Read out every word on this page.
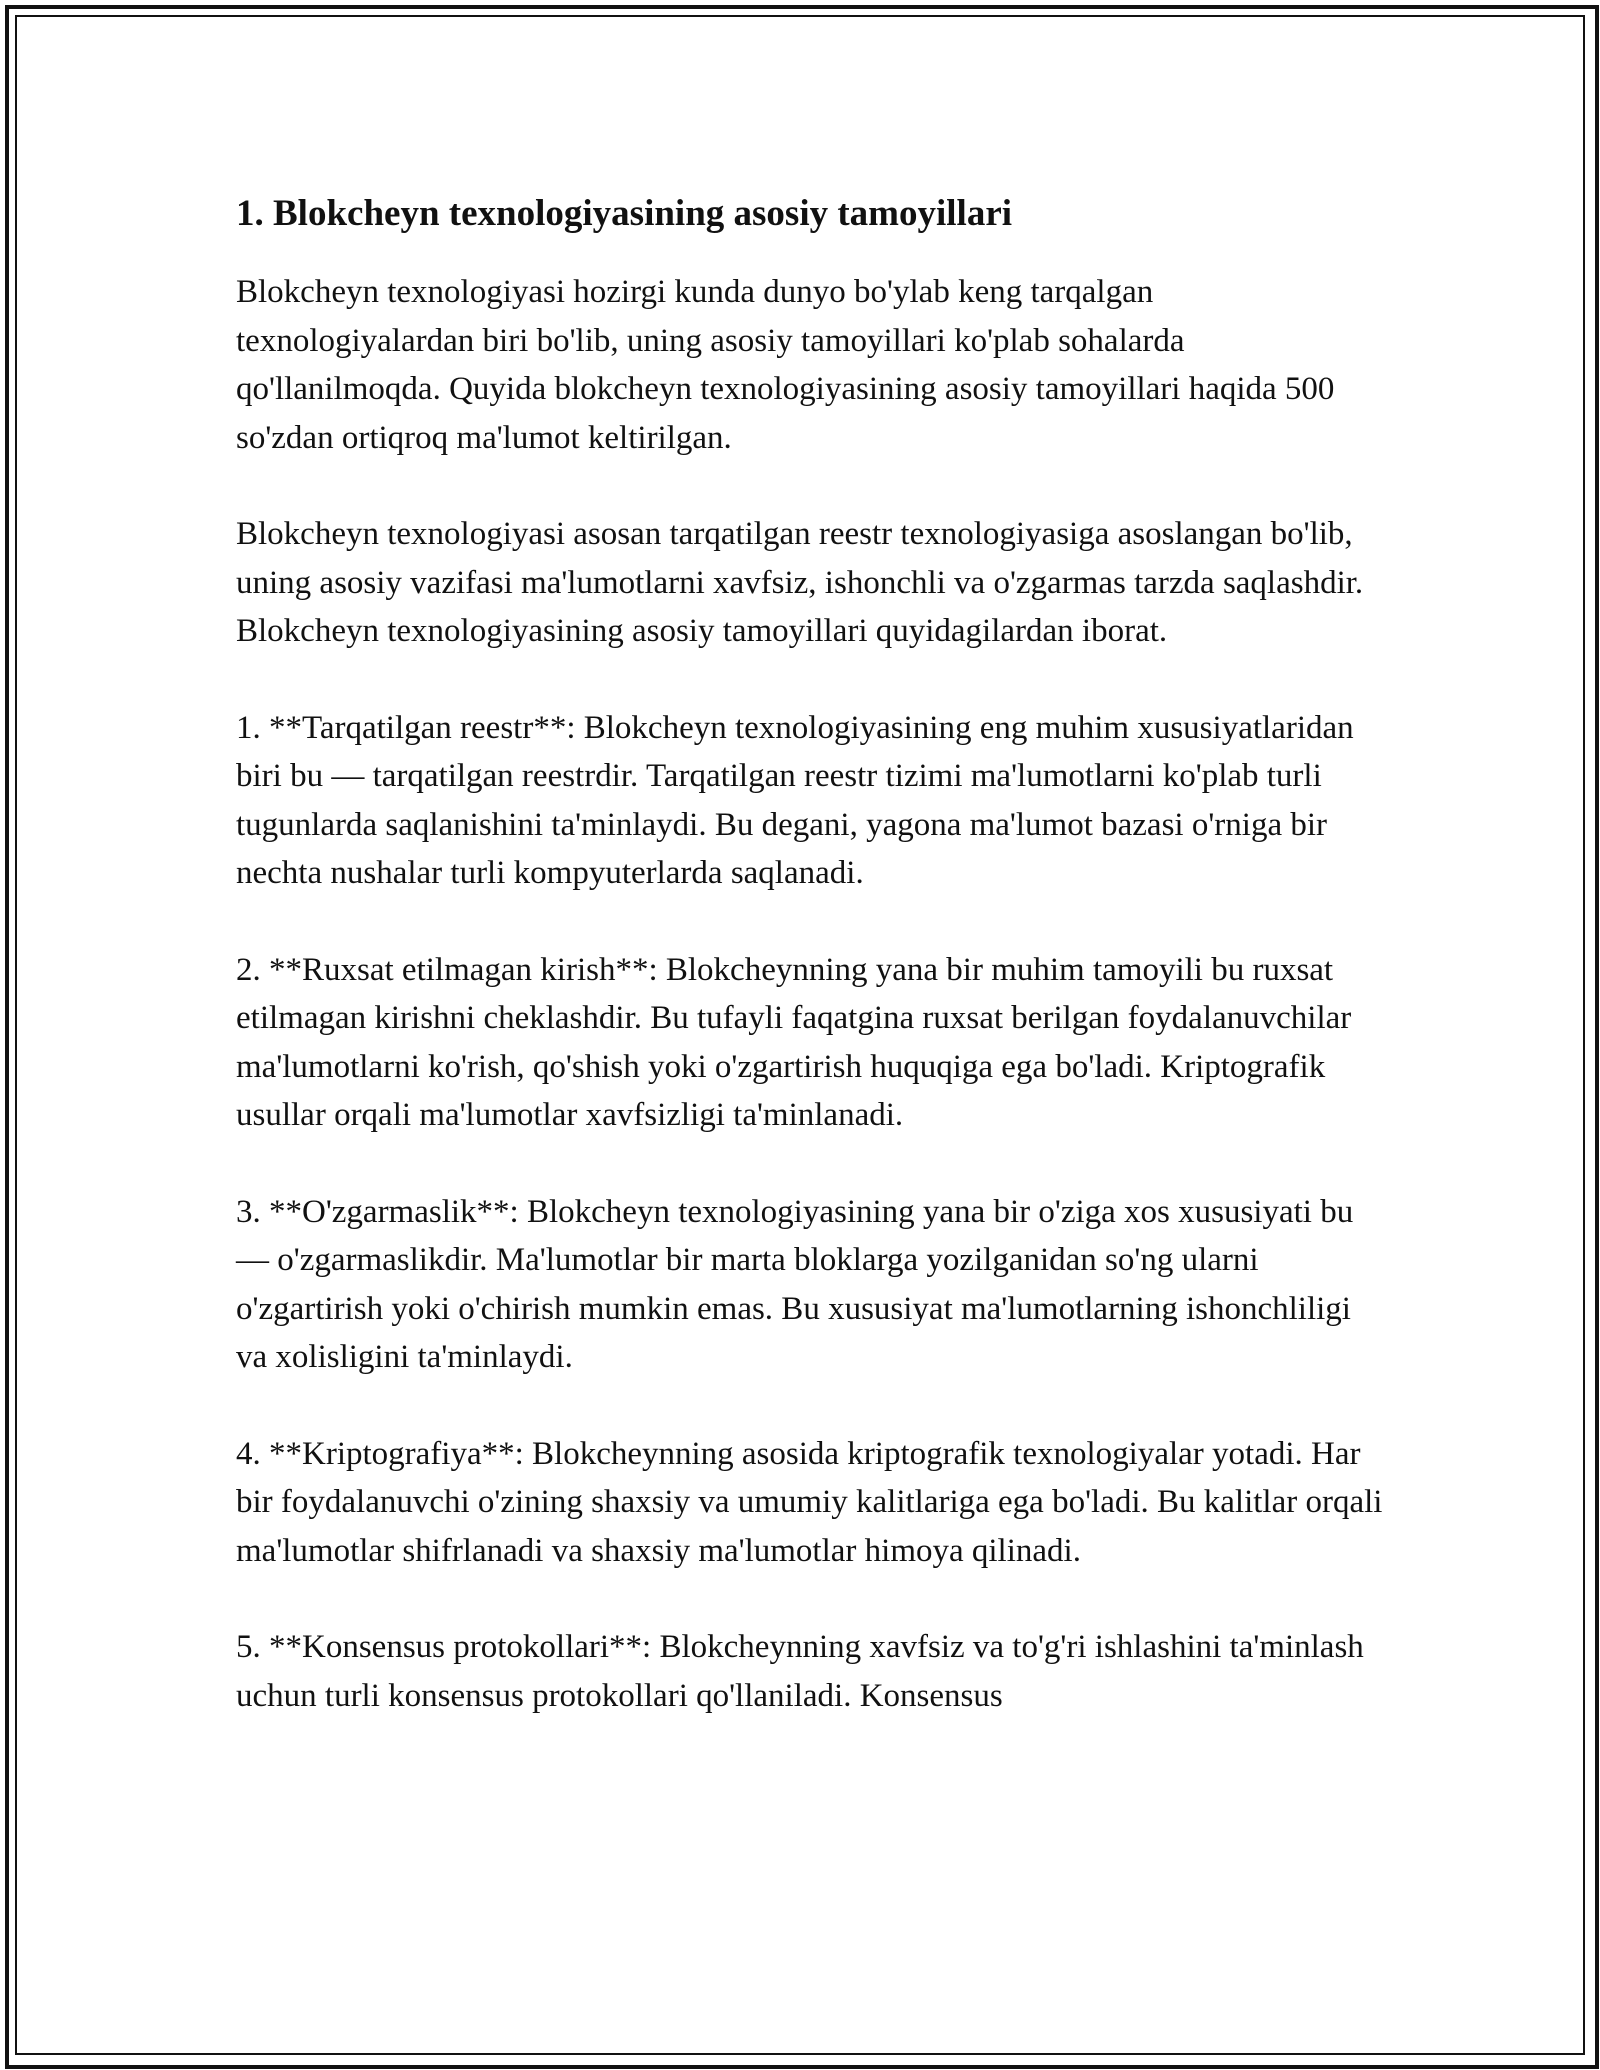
1. Blokcheyn texnologiyasining asosiy tamoyillari

Blokcheyn texnologiyasi hozirgi kunda dunyo bo'ylab keng tarqalgan texnologiyalardan biri bo'lib, uning asosiy tamoyillari ko'plab sohalarda qo'llanilmoqda. Quyida blokcheyn texnologiyasining asosiy tamoyillari haqida 500 so'zdan ortiqroq ma'lumot keltirilgan.

Blokcheyn texnologiyasi asosan tarqatilgan reestr texnologiyasiga asoslangan bo'lib, uning asosiy vazifasi ma'lumotlarni xavfsiz, ishonchli va o'zgarmas tarzda saqlashdir. Blokcheyn texnologiyasining asosiy tamoyillari quyidagilardan iborat.

1. **Tarqatilgan reestr**: Blokcheyn texnologiyasining eng muhim xususiyatlaridan biri bu — tarqatilgan reestrdir. Tarqatilgan reestr tizimi ma'lumotlarni ko'plab turli tugunlarda saqlanishini ta'minlaydi. Bu degani, yagona ma'lumot bazasi o'rniga bir nechta nushalar turli kompyuterlarda saqlanadi.

2. **Ruxsat etilmagan kirish**: Blokcheynning yana bir muhim tamoyili bu ruxsat etilmagan kirishni cheklashdir. Bu tufayli faqatgina ruxsat berilgan foydalanuvchilar ma'lumotlarni ko'rish, qo'shish yoki o'zgartirish huquqiga ega bo'ladi. Kriptografik usullar orqali ma'lumotlar xavfsizligi ta'minlanadi.

3. **O'zgarmaslik**: Blokcheyn texnologiyasining yana bir o'ziga xos xususiyati bu — o'zgarmaslikdir. Ma'lumotlar bir marta bloklarga yozilganidan so'ng ularni o'zgartirish yoki o'chirish mumkin emas. Bu xususiyat ma'lumotlarning ishonchliligi va xolisligini ta'minlaydi.

4. **Kriptografiya**: Blokcheynning asosida kriptografik texnologiyalar yotadi. Har bir foydalanuvchi o'zining shaxsiy va umumiy kalitlariga ega bo'ladi. Bu kalitlar orqali ma'lumotlar shifrlanadi va shaxsiy ma'lumotlar himoya qilinadi.

5. **Konsensus protokollari**: Blokcheynning xavfsiz va to'g'ri ishlashini ta'minlash uchun turli konsensus protokollari qo'llaniladi. Konsensus
